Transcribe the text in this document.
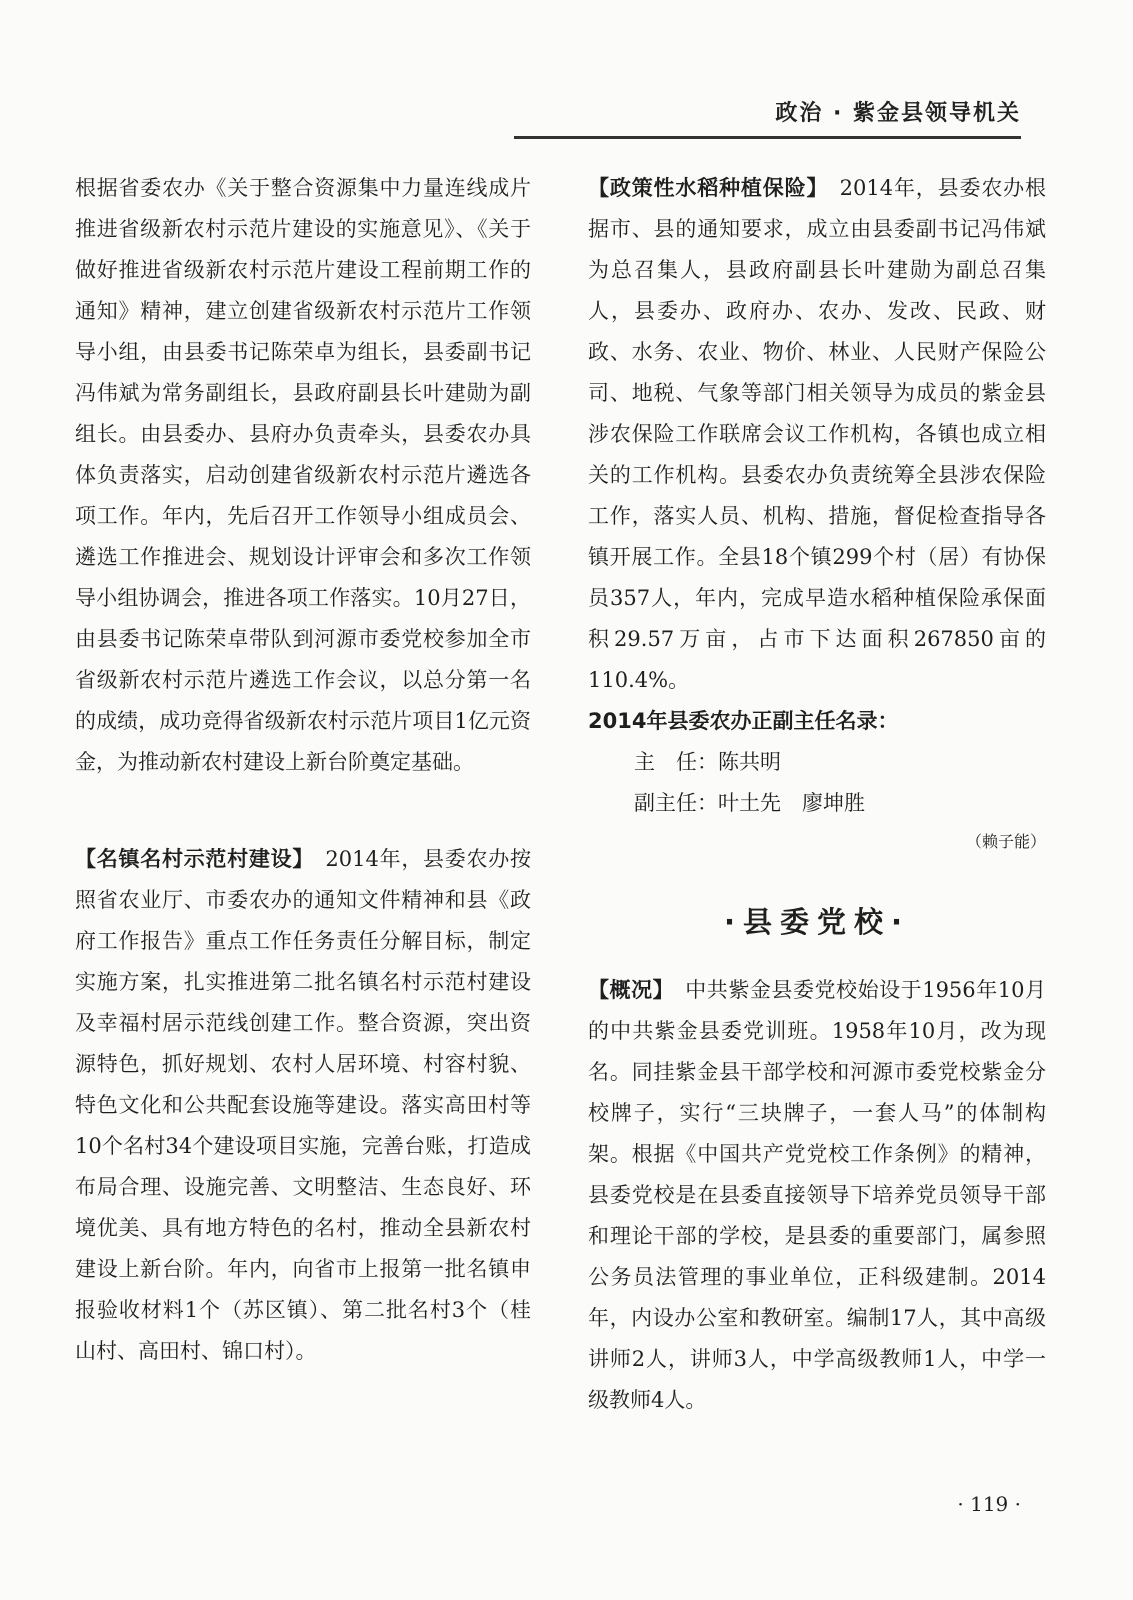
政治 · 紫金县领导机关

根据省委农办《关于整合资源集中力量连线成片推进省级新农村示范片建设的实施意见》、《关于做好推进省级新农村示范片建设工程前期工作的通知》精神，建立创建省级新农村示范片工作领导小组，由县委书记陈荣卓为组长，县委副书记冯伟斌为常务副组长，县政府副县长叶建勋为副组长。由县委办、县府办负责牵头，县委农办具体负责落实，启动创建省级新农村示范片遴选各项工作。年内，先后召开工作领导小组成员会、遴选工作推进会、规划设计评审会和多次工作领导小组协调会，推进各项工作落实。10月27日，由县委书记陈荣卓带队到河源市委党校参加全市省级新农村示范片遴选工作会议，以总分第一名的成绩，成功竞得省级新农村示范片项目1亿元资金，为推动新农村建设上新台阶奠定基础。

【名镇名村示范村建设】　 2014年，县委农办按照省农业厅、市委农办的通知文件精神和县《政府工作报告》重点工作任务责任分解目标，制定实施方案，扎实推进第二批名镇名村示范村建设及幸福村居示范线创建工作。整合资源，突出资源特色，抓好规划、农村人居环境、村容村貌、特色文化和公共配套设施等建设。落实高田村等10个名村34个建设项目实施，完善台账，打造成布局合理、设施完善、文明整洁、生态良好、环境优美、具有地方特色的名村，推动全县新农村建设上新台阶。年内，向省市上报第一批名镇申报验收材料1个（苏区镇）、第二批名村3个（桂山村、高田村、锦口村）。

【政策性水稻种植保险】　 2014年，县委农办根据市、县的通知要求，成立由县委副书记冯伟斌为总召集人，县政府副县长叶建勋为副总召集人，县委办、政府办、农办、发改、民政、财政、水务、农业、物价、林业、人民财产保险公司、地税、气象等部门相关领导为成员的紫金县涉农保险工作联席会议工作机构，各镇也成立相关的工作机构。县委农办负责统筹全县涉农保险工作，落实人员、机构、措施，督促检查指导各镇开展工作。全县18个镇299个村（居）有协保员357人，年内，完成早造水稻种植保险承保面积29.57万亩，占市下达面积267850亩的110.4%。

2014年县委农办正副主任名录：

主　任：陈共明

副主任：叶土先　廖坤胜

（赖子能）

·县委党校·

【概况】　 中共紫金县委党校始设于1956年10月的中共紫金县委党训班。1958年10月，改为现名。同挂紫金县干部学校和河源市委党校紫金分校牌子，实行“三块牌子，一套人马”的体制构架。根据《中国共产党党校工作条例》的精神，县委党校是在县委直接领导下培养党员领导干部和理论干部的学校，是县委的重要部门，属参照公务员法管理的事业单位，正科级建制。2014年，内设办公室和教研室。编制17人，其中高级讲师2人，讲师3人，中学高级教师1人，中学一级教师4人。

· 119 ·
